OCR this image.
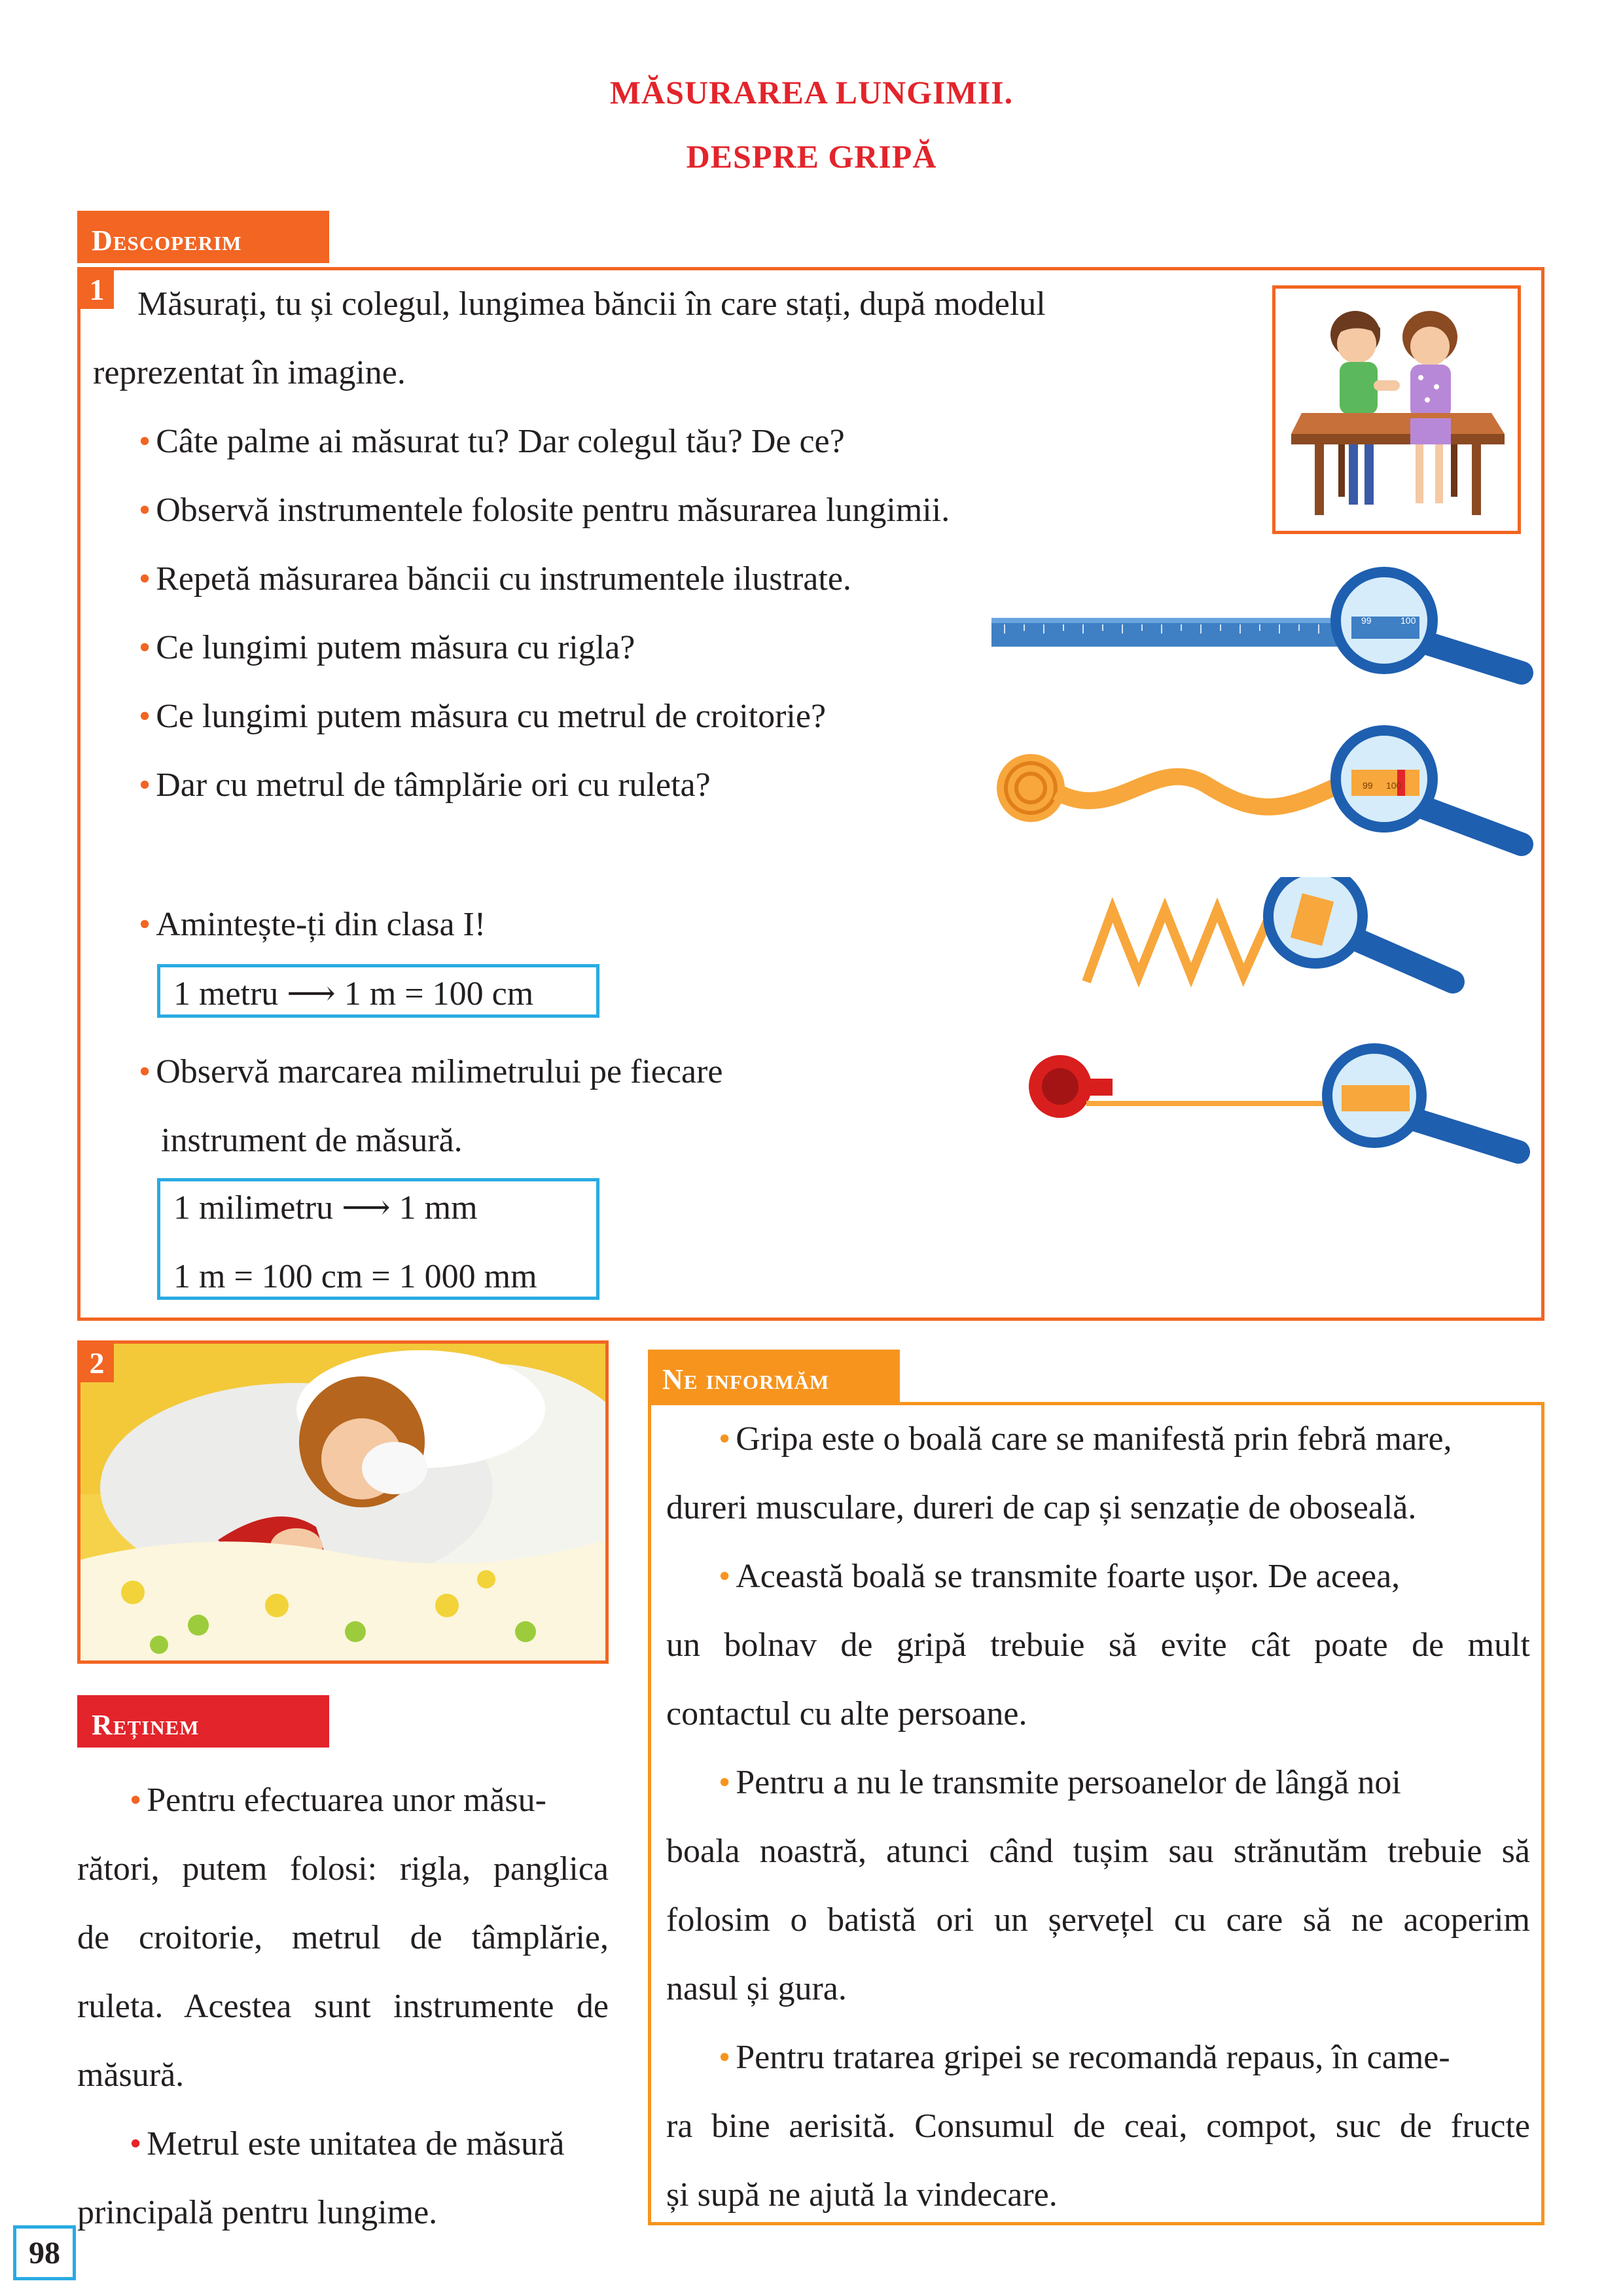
MĂSURAREA LUNGIMII.
DESPRE GRIPĂ
Descoperim
1 Măsurați, tu și colegul, lungimea băncii în care stați, după modelul
reprezentat în imagine.
• Câte palme ai măsurat tu? Dar colegul tău? De ce?
• Observă instrumentele folosite pentru măsurarea lungimii.
• Repetă măsurarea băncii cu instrumentele ilustrate.
• Ce lungimi putem măsura cu rigla?
• Ce lungimi putem măsura cu metrul de croitorie?
• Dar cu metrul de tâmplărie ori cu ruleta?
• Amintește-ți din clasa I!
1 metru ⟶ 1 m = 100 cm
• Observă marcarea milimetrului pe fiecare
instrument de măsură.
1 milimetru ⟶ 1 mm
1 m = 100 cm = 1 000 mm
99	100
99 100
2
Reținem
• Pentru efectuarea unor măsu-
rători, putem folosi: rigla, panglica
de croitorie, metrul de tâmplărie,
ruleta. Acestea sunt instrumente de
măsură.
• Metrul este unitatea de măsură
principală pentru lungime.
Ne informăm
• Gripa este o boală care se manifestă prin febră mare,
dureri musculare, dureri de cap și senzație de oboseală.
• Această boală se transmite foarte ușor. De aceea,
un bolnav de gripă trebuie să evite cât poate de mult
contactul cu alte persoane.
• Pentru a nu le transmite persoanelor de lângă noi
boala noastră, atunci când tușim sau strănutăm trebuie să
folosim o batistă ori un șervețel cu care să ne acoperim
nasul și gura.
• Pentru tratarea gripei se recomandă repaus, în came-
ra bine aerisită. Consumul de ceai, compot, suc de fructe
și supă ne ajută la vindecare.
98
